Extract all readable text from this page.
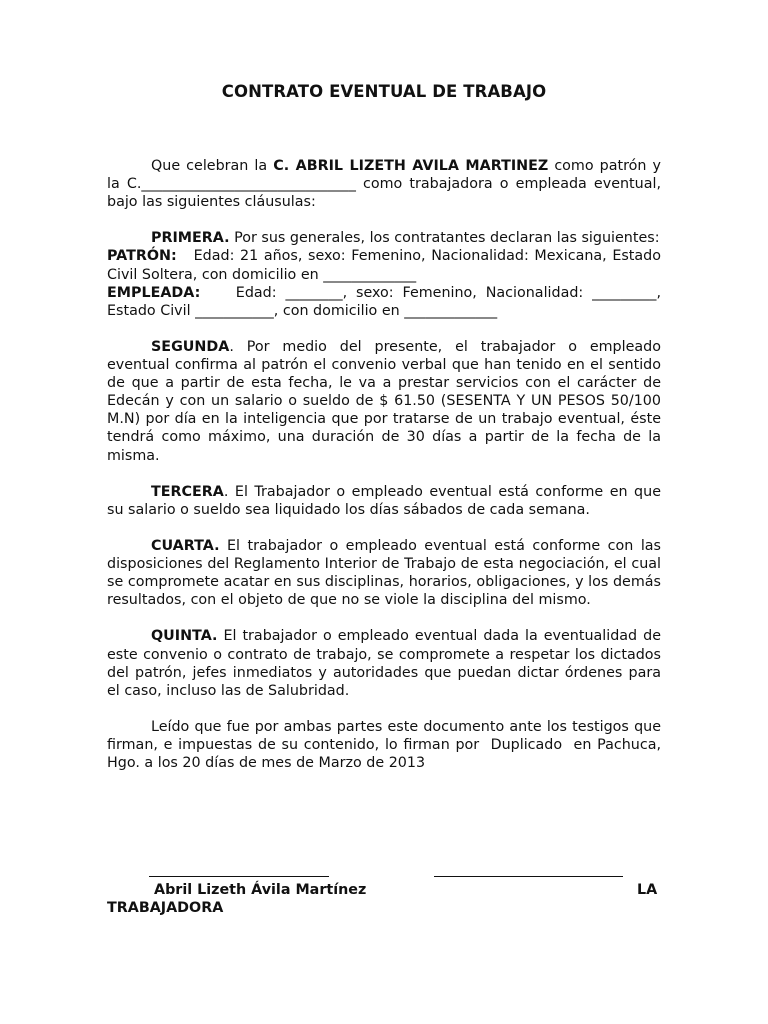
CONTRATO EVENTUAL DE TRABAJO

Que celebran la C. ABRIL LIZETH AVILA MARTINEZ como patrón y la C.______________________________ como trabajadora o empleada eventual, bajo las siguientes cláusulas:

PRIMERA. Por sus generales, los contratantes declaran las siguientes:

PATRÓN:   Edad: 21 años, sexo: Femenino, Nacionalidad: Mexicana, Estado Civil Soltera, con domicilio en _____________

EMPLEADA:    Edad: ________, sexo: Femenino, Nacionalidad: _________, Estado Civil ___________, con domicilio en _____________

SEGUNDA. Por medio del presente, el trabajador o empleado eventual confirma al patrón el convenio verbal que han tenido en el sentido de que a partir de esta fecha, le va a prestar servicios con el carácter de Edecán y con un salario o sueldo de $ 61.50 (SESENTA Y UN PESOS 50/100 M.N) por día en la inteligencia que por tratarse de un trabajo eventual, éste tendrá como máximo, una duración de 30 días a partir de la fecha de la misma.

TERCERA. El Trabajador o empleado eventual está conforme en que su salario o sueldo sea liquidado los días sábados de cada semana.

CUARTA. El trabajador o empleado eventual está conforme con las disposiciones del Reglamento Interior de Trabajo de esta negociación, el cual se compromete acatar en sus disciplinas, horarios, obligaciones, y los demás resultados, con el objeto de que no se viole la disciplina del mismo.

QUINTA. El trabajador o empleado eventual dada la eventualidad de este convenio o contrato de trabajo, se compromete a respetar los dictados del patrón, jefes inmediatos y autoridades que puedan dictar órdenes para el caso, incluso las de Salubridad.

Leído que fue por ambas partes este documento ante los testigos que firman, e impuestas de su contenido, lo firman por  Duplicado  en Pachuca, Hgo. a los 20 días de mes de Marzo de 2013

Abril Lizeth Ávila Martínez	LA
TRABAJADORA
